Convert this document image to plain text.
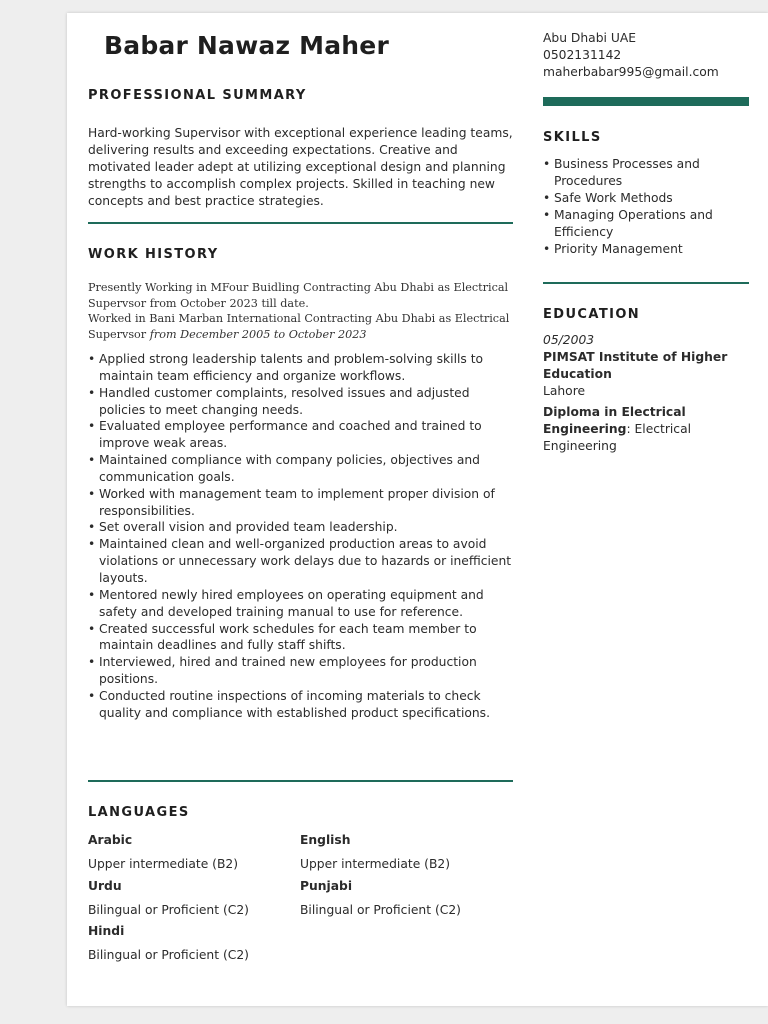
Babar Nawaz Maher	Abu Dhabi UAE
0502131142
maherbabar995@gmail.com
PROFESSIONAL SUMMARY

Hard-working Supervisor with exceptional experience leading teams, delivering results and exceeding expectations. Creative and motivated leader adept at utilizing exceptional design and planning strengths to accomplish complex projects. Skilled in teaching new concepts and best practice strategies.

WORK HISTORY
Presently Working in MFour Buidling Contracting Abu Dhabi as Electrical Supervsor from October 2023 till date.
Worked in Bani Marban International Contracting Abu Dhabi as Electrical Supervsor from December 2005 to October 2023
• Applied strong leadership talents and problem-solving skills to maintain team efficiency and organize workflows.
• Handled customer complaints, resolved issues and adjusted policies to meet changing needs.
• Evaluated employee performance and coached and trained to improve weak areas.
• Maintained compliance with company policies, objectives and communication goals.
• Worked with management team to implement proper division of responsibilities.
• Set overall vision and provided team leadership.
• Maintained clean and well-organized production areas to avoid violations or unnecessary work delays due to hazards or inefficient layouts.
• Mentored newly hired employees on operating equipment and safety and developed training manual to use for reference.
• Created successful work schedules for each team member to maintain deadlines and fully staff shifts.
• Interviewed, hired and trained new employees for production positions.
• Conducted routine inspections of incoming materials to check quality and compliance with established product specifications.
LANGUAGES
Arabic
Upper intermediate (B2)
English
Upper intermediate (B2)
Urdu
Bilingual or Proficient (C2)
Punjabi
Bilingual or Proficient (C2)
Hindi
Bilingual or Proficient (C2)
SKILLS
• Business Processes and Procedures
• Safe Work Methods
• Managing Operations and Efficiency
• Priority Management
EDUCATION
05/2003
PIMSAT Institute of Higher Education
Lahore
Diploma in Electrical Engineering: Electrical Engineering
